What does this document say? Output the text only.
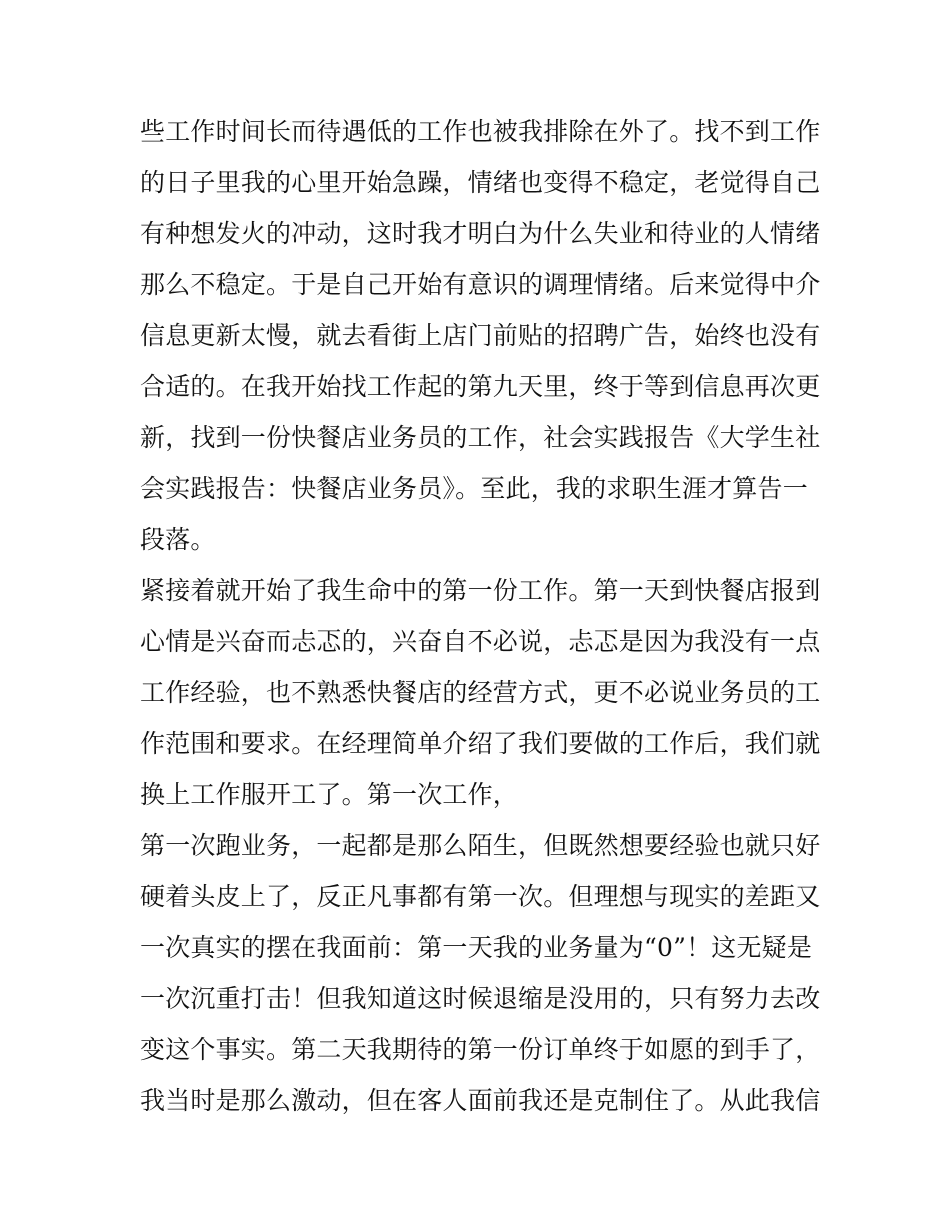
些工作时间长而待遇低的工作也被我排除在外了。找不到工作
的日子里我的心里开始急躁，情绪也变得不稳定，老觉得自己
有种想发火的冲动，这时我才明白为什么失业和待业的人情绪
那么不稳定。于是自己开始有意识的调理情绪。后来觉得中介
信息更新太慢，就去看街上店门前贴的招聘广告，始终也没有
合适的。在我开始找工作起的第九天里，终于等到信息再次更
新，找到一份快餐店业务员的工作，社会实践报告《大学生社
会实践报告：快餐店业务员》。至此，我的求职生涯才算告一
段落。
紧接着就开始了我生命中的第一份工作。第一天到快餐店报到
心情是兴奋而忐忑的，兴奋自不必说，忐忑是因为我没有一点
工作经验，也不熟悉快餐店的经营方式，更不必说业务员的工
作范围和要求。在经理简单介绍了我们要做的工作后，我们就
换上工作服开工了。第一次工作，
第一次跑业务，一起都是那么陌生，但既然想要经验也就只好
硬着头皮上了，反正凡事都有第一次。但理想与现实的差距又
一次真实的摆在我面前：第一天我的业务量为“0”！这无疑是
一次沉重打击！但我知道这时候退缩是没用的，只有努力去改
变这个事实。第二天我期待的第一份订单终于如愿的到手了，
我当时是那么激动，但在客人面前我还是克制住了。从此我信
